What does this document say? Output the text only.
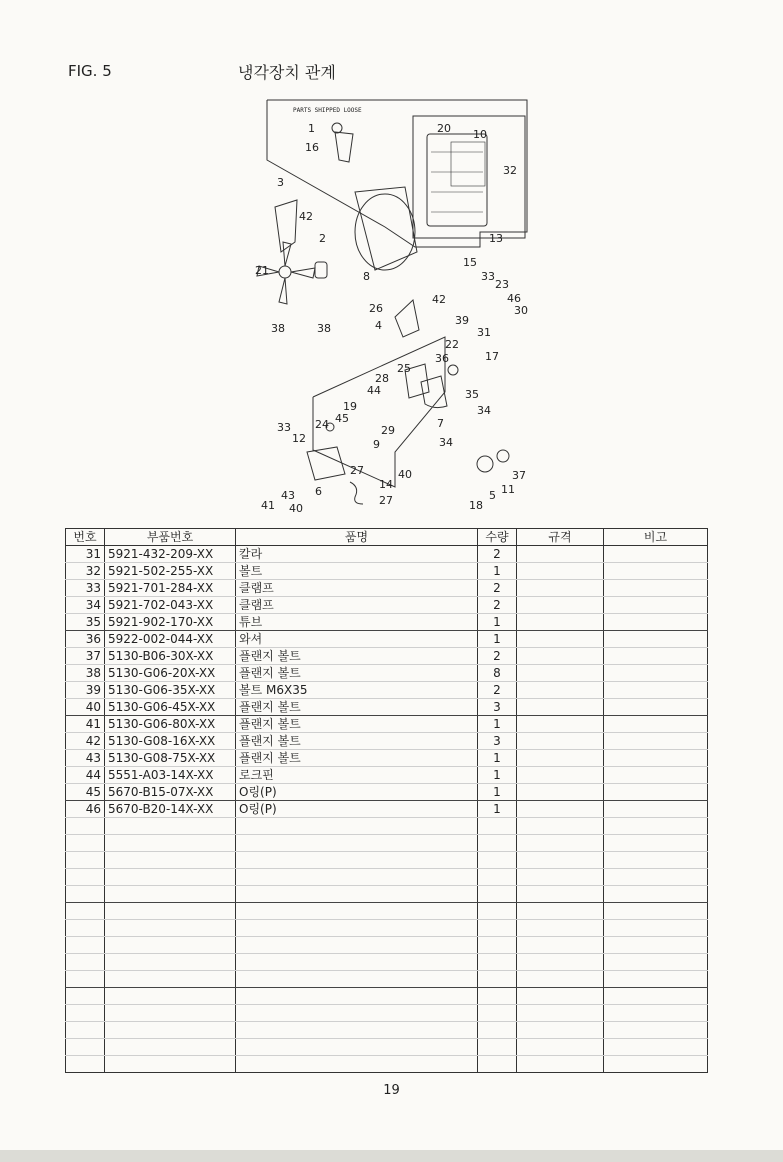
FIG. 5	냉각장치 관계
PARTS SHIPPED LOOSE
1
16
20 10
32
13
3
42
2
21	8
15
33
23
46
30
26
42
4	39
31
38	38
22
17
36
28
25
44
19
45
24	29
9
7
35
34
33
12	34
27	40
14
41
43 6
40
27
37
18
5 11
번호	부품번호	품명	수량	규격	비고
31	5921-432-209-XX	칼라	2		
32	5921-502-255-XX	볼트	1		
33	5921-701-284-XX	클램프	2		
34	5921-702-043-XX	클램프	2		
35	5921-902-170-XX	튜브	1		
36	5922-002-044-XX	와셔	1		
37	5130-B06-30X-XX	플랜지 볼트	2		
38	5130-G06-20X-XX	플랜지 볼트	8		
39	5130-G06-35X-XX	볼트 M6X35	2		
40	5130-G06-45X-XX	플랜지 볼트	3		
41	5130-G06-80X-XX	플랜지 볼트	1		
42	5130-G08-16X-XX	플랜지 볼트	3		
43	5130-G08-75X-XX	플랜지 볼트	1		
44	5551-A03-14X-XX	로크핀	1		
45	5670-B15-07X-XX	O링(P)	1		
46	5670-B20-14X-XX	O링(P)	1		

19
